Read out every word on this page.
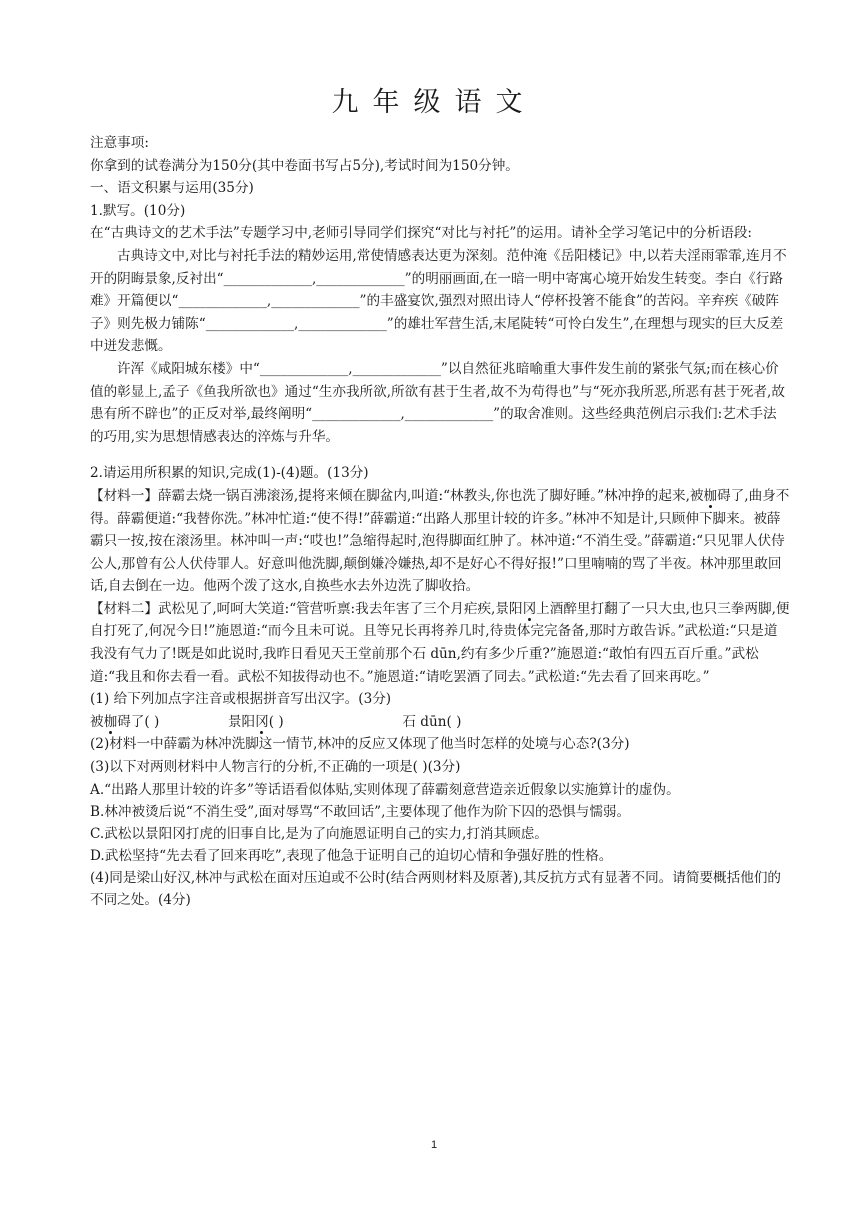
九年级语文

注意事项:

你拿到的试卷满分为150分(其中卷面书写占5分),考试时间为150分钟。

一、语文积累与运用(35分)

1.默写。(10分)

在“古典诗文的艺术手法”专题学习中,老师引导同学们探究“对比与衬托”的运用。请补全学习笔记中的分析语段:

古典诗文中,对比与衬托手法的精妙运用,常使情感表达更为深刻。范仲淹《岳阳楼记》中,以若夫淫雨霏霏,连月不开的阴晦景象,反衬出“_____________,_____________”的明丽画面,在一暗一明中寄寓心境开始发生转变。李白《行路难》开篇便以“_____________,_____________”的丰盛宴饮,强烈对照出诗人“停杯投箸不能食”的苦闷。辛弃疾《破阵子》则先极力铺陈“_____________,_____________”的雄壮军营生活,末尾陡转“可怜白发生”,在理想与现实的巨大反差中迸发悲慨。

许浑《咸阳城东楼》中“_____________,_____________”以自然征兆暗喻重大事件发生前的紧张气氛;而在核心价值的彰显上,孟子《鱼我所欲也》通过“生亦我所欲,所欲有甚于生者,故不为苟得也”与“死亦我所恶,所恶有甚于死者,故患有所不辟也”的正反对举,最终阐明“_____________,_____________”的取舍准则。这些经典范例启示我们:艺术手法的巧用,实为思想情感表达的淬炼与升华。

2.请运用所积累的知识,完成(1)-(4)题。(13分)

【材料一】薛霸去烧一锅百沸滚汤,提将来倾在脚盆内,叫道:“林教头,你也洗了脚好睡。”林冲挣的起来,被枷碍了,曲身不得。薛霸便道:“我替你洗。”林冲忙道:“使不得!”薛霸道:“出路人那里计较的许多。”林冲不知是计,只顾伸下脚来。被薛霸只一按,按在滚汤里。林冲叫一声:“哎也!”急缩得起时,泡得脚面红肿了。林冲道:“不消生受。”薛霸道:“只见罪人伏侍公人,那曾有公人伏侍罪人。好意叫他洗脚,颠倒嫌冷嫌热,却不是好心不得好报!”口里喃喃的骂了半夜。林冲那里敢回话,自去倒在一边。他两个泼了这水,自换些水去外边洗了脚收拾。

【材料二】武松见了,呵呵大笑道:“管营听禀:我去年害了三个月疟疾,景阳冈上酒醉里打翻了一只大虫,也只三拳两脚,便自打死了,何况今日!”施恩道:“而今且未可说。且等兄长再将养几时,待贵体完完备备,那时方敢告诉。”武松道:“只是道我没有气力了!既是如此说时,我昨日看见天王堂前那个石 dūn,约有多少斤重?”施恩道:“敢怕有四五百斤重。”武松道:“我且和你去看一看。武松不知拔得动也不。”施恩道:“请吃罢酒了同去。”武松道:“先去看了回来再吃。”

(1) 给下列加点字注音或根据拼音写出汉字。(3分)

被枷碍了( )	景阳冈( )	石 dūn( )

(2)材料一中薛霸为林冲洗脚这一情节,林冲的反应又体现了他当时怎样的处境与心态?(3分)

(3)以下对两则材料中人物言行的分析,不正确的一项是( )(3分)

A.“出路人那里计较的许多”等话语看似体贴,实则体现了薛霸刻意营造亲近假象以实施算计的虚伪。

B.林冲被烫后说“不消生受”,面对辱骂“不敢回话”,主要体现了他作为阶下囚的恐惧与懦弱。

C.武松以景阳冈打虎的旧事自比,是为了向施恩证明自己的实力,打消其顾虑。

D.武松坚持“先去看了回来再吃”,表现了他急于证明自己的迫切心情和争强好胜的性格。

(4)同是梁山好汉,林冲与武松在面对压迫或不公时(结合两则材料及原著),其反抗方式有显著不同。请简要概括他们的不同之处。(4分)

1
